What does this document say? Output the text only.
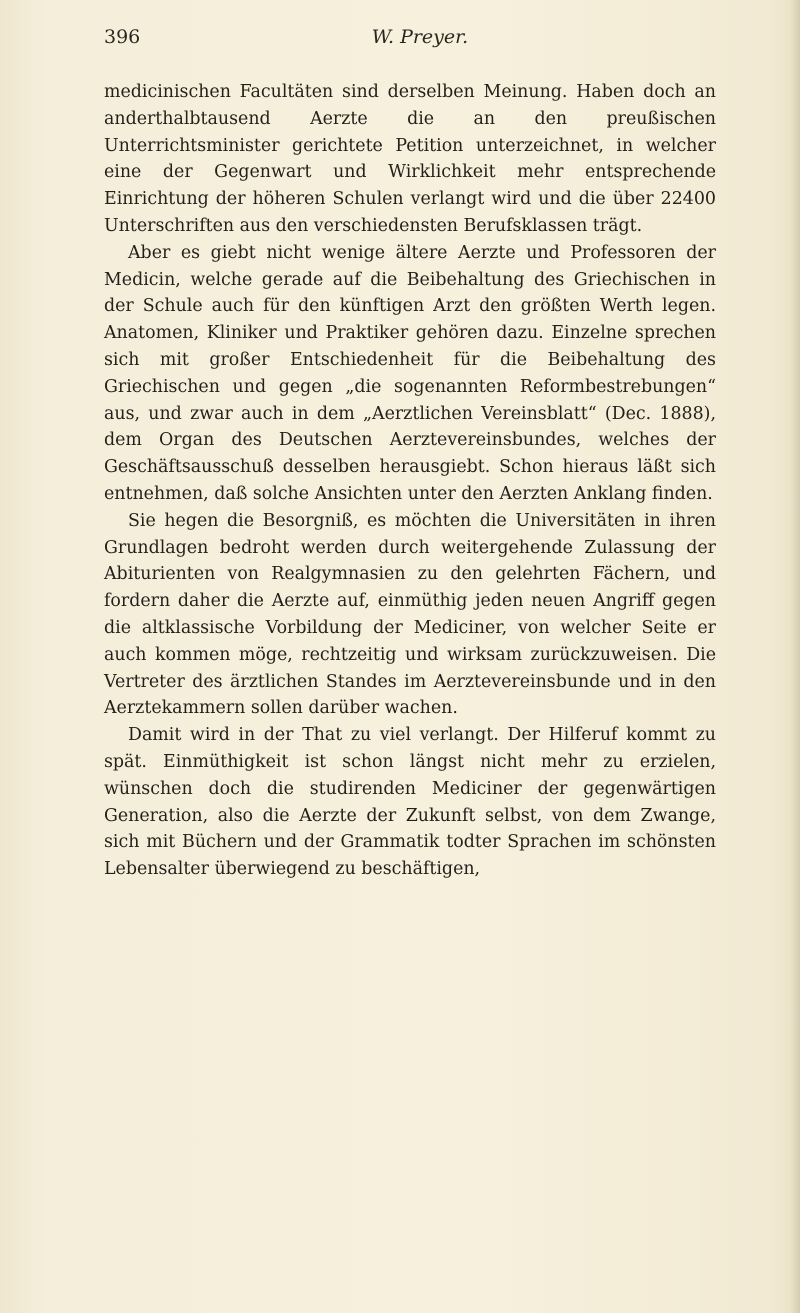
396	W. Preyer.

medicinischen Facultäten sind derselben Meinung. Haben doch an anderthalbtausend Aerzte die an den preußischen Unterrichtsminister gerichtete Petition unterzeichnet, in welcher eine der Gegenwart und Wirklichkeit mehr entsprechende Einrichtung der höheren Schulen verlangt wird und die über 22400 Unterschriften aus den verschiedensten Berufsklassen trägt.

Aber es giebt nicht wenige ältere Aerzte und Professoren der Medicin, welche gerade auf die Beibehaltung des Griechischen in der Schule auch für den künftigen Arzt den größten Werth legen. Anatomen, Kliniker und Praktiker gehören dazu. Einzelne sprechen sich mit großer Entschiedenheit für die Beibehaltung des Griechischen und gegen „die sogenannten Reformbestrebungen“ aus, und zwar auch in dem „Aerztlichen Vereinsblatt“ (Dec. 1888), dem Organ des Deutschen Aerztevereinsbundes, welches der Geschäftsausschuß desselben herausgiebt. Schon hieraus läßt sich entnehmen, daß solche Ansichten unter den Aerzten Anklang finden.

Sie hegen die Besorgniß, es möchten die Universitäten in ihren Grundlagen bedroht werden durch weitergehende Zulassung der Abiturienten von Realgymnasien zu den gelehrten Fächern, und fordern daher die Aerzte auf, einmüthig jeden neuen Angriff gegen die altklassische Vorbildung der Mediciner, von welcher Seite er auch kommen möge, rechtzeitig und wirksam zurückzuweisen. Die Vertreter des ärztlichen Standes im Aerztevereinsbunde und in den Aerztekammern sollen darüber wachen.

Damit wird in der That zu viel verlangt. Der Hilferuf kommt zu spät. Einmüthigkeit ist schon längst nicht mehr zu erzielen, wünschen doch die studirenden Mediciner der gegenwärtigen Generation, also die Aerzte der Zukunft selbst, von dem Zwange, sich mit Büchern und der Grammatik todter Sprachen im schönsten Lebensalter überwiegend zu beschäftigen,
